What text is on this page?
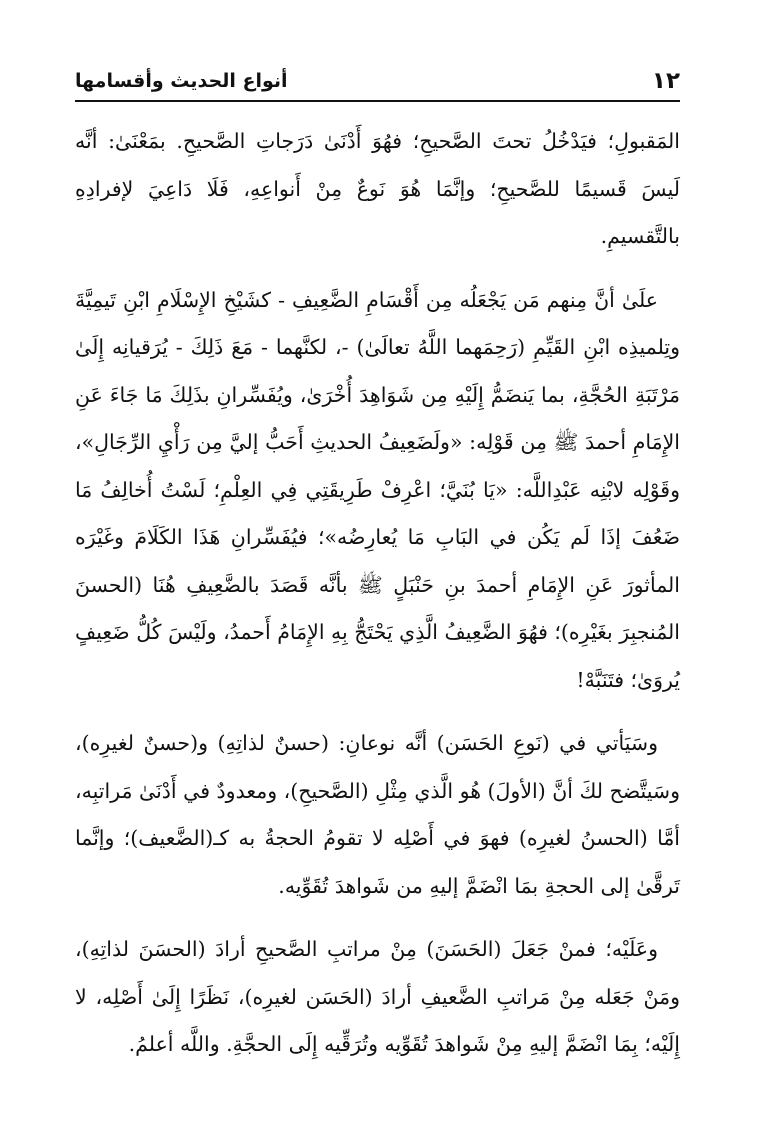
أنواع الحديث وأقسامها	١٢

المَقبولِ؛ فيَدْخُلُ تحتَ الصَّحيحِ؛ فهُوَ أَدْنَىٰ دَرَجاتِ الصَّحيحِ. بمَعْنَىٰ: أنَّه لَيسَ قَسيمًا للصَّحيحِ؛ وإنَّمَا هُوَ نَوعٌ مِنْ أَنواعِهِ، فَلَا دَاعِيَ لإفرادِهِ بالتَّقسيمِ.

علَىٰ أنَّ مِنهم مَن يَجْعَلُه مِن أَقْسَامِ الضَّعِيفِ - كشَيْخِ الإِسْلَامِ ابْنِ تَيمِيَّةَ وتِلميذِه ابْنِ القَيِّمِ (رَحِمَهما اللَّهُ تعالَىٰ) -، لكنَّهما - مَعَ ذَلِكَ - يُرَقيانِه إِلَىٰ مَرْتَبَةِ الحُجَّةِ، بما يَنضَمُّ إِلَيْهِ مِن شَوَاهِدَ أُخْرَىٰ، ويُفَسِّرانِ بذَلِكَ مَا جَاءَ عَنِ الإِمَامِ أحمدَ ﷺ مِن قَوْلِه: «ولَضَعِيفُ الحديثِ أَحَبُّ إليَّ مِن رَأْيِ الرِّجَالِ»، وقَوْلِه لابْنِه عَبْدِاللَّه: «يَا بُنَيَّ؛ اعْرِفْ طَرِيقَتِي فِي العِلْمِ؛ لَسْتُ أُخالِفُ مَا ضَعُفَ إذَا لَم يَكُن في البَابِ مَا يُعارِضُه»؛ فيُفَسِّرانِ هَذَا الكَلَامَ وغَيْرَه المأثورَ عَنِ الإِمَامِ أحمدَ بنِ حَنْبَلٍ ﷺ بأنَّه قَصَدَ بالضَّعِيفِ هُنَا (الحسنَ المُنجبِرَ بغَيْرِه)؛ فهُوَ الضَّعِيفُ الَّذِي يَحْتَجُّ بِهِ الإِمَامُ أَحمدُ، ولَيْسَ كُلُّ ضَعِيفٍ يُروَىٰ؛ فتَنَبَّهْ!

وسَيَأتي في (نَوعِ الحَسَن) أنَّه نوعانِ: (حسنٌ لذاتِهِ) و(حسنٌ لغيرِه)، وسَيتَّضح لكَ أنَّ (الأولَ) هُو الَّذي مِثْلِ (الصَّحيحِ)، ومعدودٌ في أَدْنَىٰ مَراتبِه، أمَّا (الحسنُ لغيرِه) فهوَ في أَصْلِه لا تقومُ الحجةُ به كـ(الضَّعيف)؛ وإنَّما تَرقَّىٰ إلى الحجةِ بمَا انْضَمَّ إليهِ من شَواهدَ تُقَوِّيه.

وعَلَيْه؛ فمنْ جَعَلَ (الحَسَنَ) مِنْ مراتبِ الصَّحيحِ أرادَ (الحسَنَ لذاتِهِ)، ومَنْ جَعَله مِنْ مَراتبِ الضَّعيفِ أرادَ (الحَسَن لغيرِه)، نَظَرًا إِلَىٰ أَصْلِه، لا إِلَيْه؛ بِمَا انْضَمَّ إليهِ مِنْ شَواهدَ تُقَوِّيه وتُرَقِّيه إِلَى الحجَّةِ. واللَّه أعلمُ.
